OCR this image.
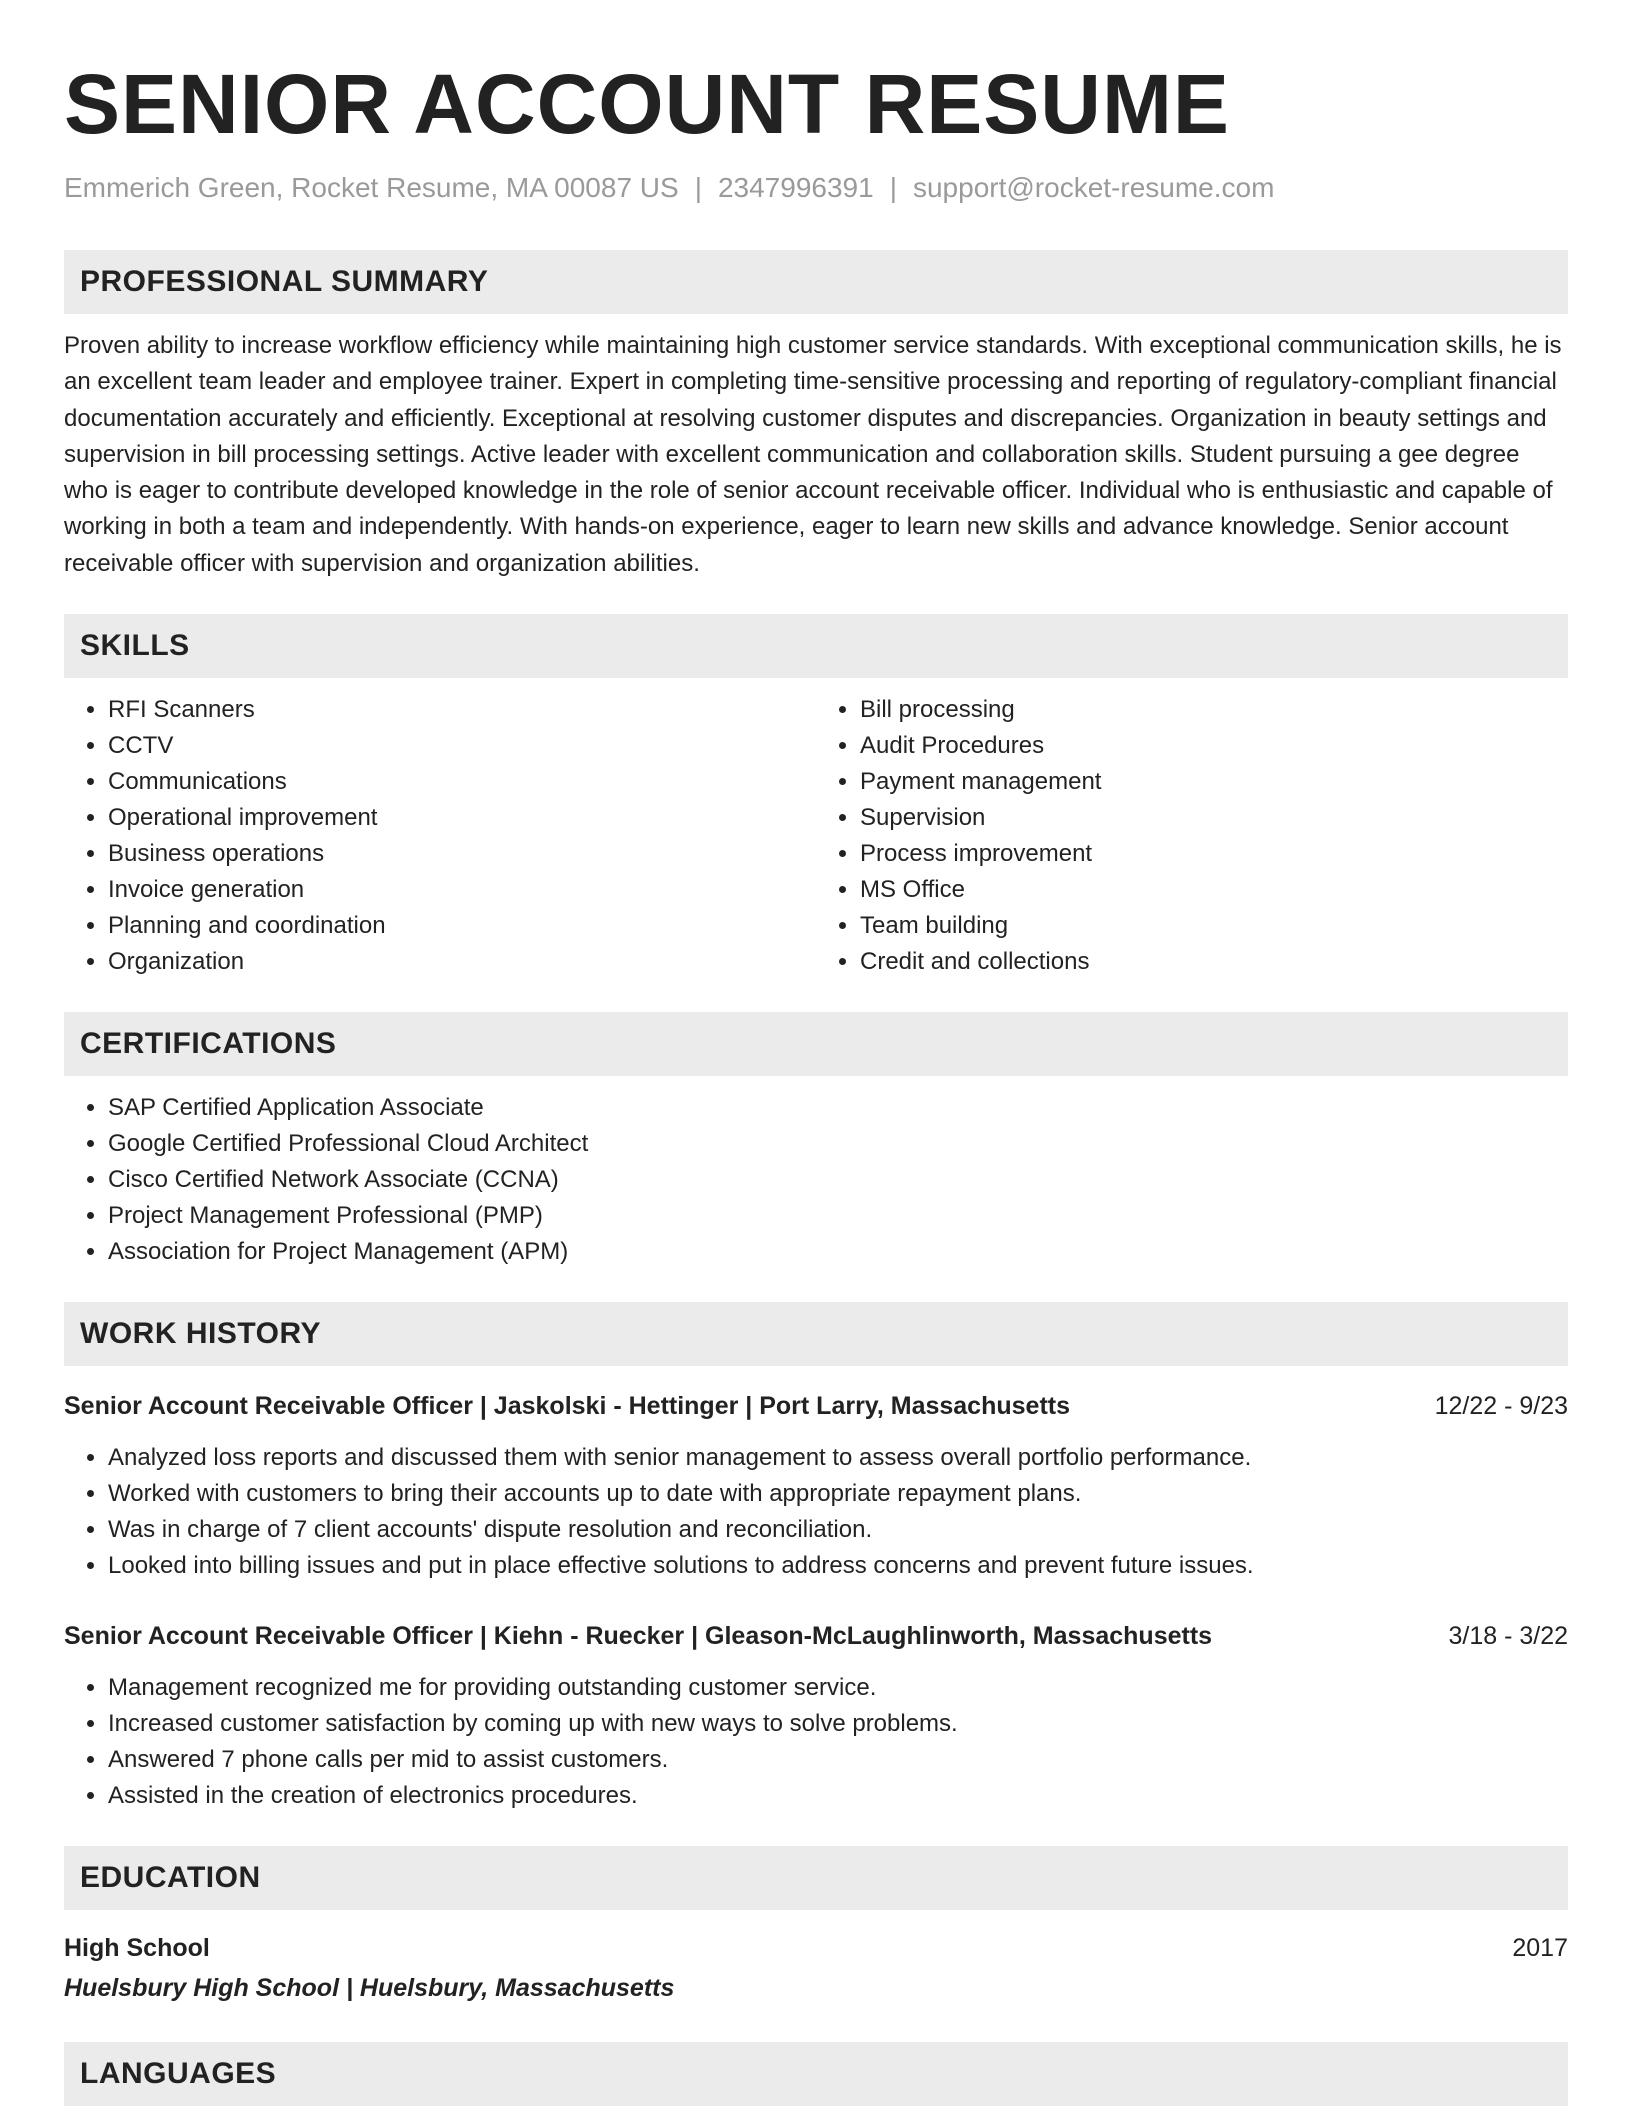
SENIOR ACCOUNT RESUME
Emmerich Green, Rocket Resume, MA 00087 US | 2347996391 | support@rocket-resume.com
PROFESSIONAL SUMMARY
Proven ability to increase workflow efficiency while maintaining high customer service standards. With exceptional communication skills, he is an excellent team leader and employee trainer. Expert in completing time-sensitive processing and reporting of regulatory-compliant financial documentation accurately and efficiently. Exceptional at resolving customer disputes and discrepancies. Organization in beauty settings and supervision in bill processing settings. Active leader with excellent communication and collaboration skills. Student pursuing a gee degree who is eager to contribute developed knowledge in the role of senior account receivable officer. Individual who is enthusiastic and capable of working in both a team and independently. With hands-on experience, eager to learn new skills and advance knowledge. Senior account receivable officer with supervision and organization abilities.
SKILLS
• RFI Scanners
• CCTV
• Communications
• Operational improvement
• Business operations
• Invoice generation
• Planning and coordination
• Organization
• Bill processing
• Audit Procedures
• Payment management
• Supervision
• Process improvement
• MS Office
• Team building
• Credit and collections
CERTIFICATIONS
• SAP Certified Application Associate
• Google Certified Professional Cloud Architect
• Cisco Certified Network Associate (CCNA)
• Project Management Professional (PMP)
• Association for Project Management (APM)
WORK HISTORY
Senior Account Receivable Officer | Jaskolski - Hettinger | Port Larry, Massachusetts	12/22 - 9/23
• Analyzed loss reports and discussed them with senior management to assess overall portfolio performance.
• Worked with customers to bring their accounts up to date with appropriate repayment plans.
• Was in charge of 7 client accounts' dispute resolution and reconciliation.
• Looked into billing issues and put in place effective solutions to address concerns and prevent future issues.
Senior Account Receivable Officer | Kiehn - Ruecker | Gleason-McLaughlinworth, Massachusetts	3/18 - 3/22
• Management recognized me for providing outstanding customer service.
• Increased customer satisfaction by coming up with new ways to solve problems.
• Answered 7 phone calls per mid to assist customers.
• Assisted in the creation of electronics procedures.
EDUCATION
High School	2017
Huelsbury High School | Huelsbury, Massachusetts
LANGUAGES
